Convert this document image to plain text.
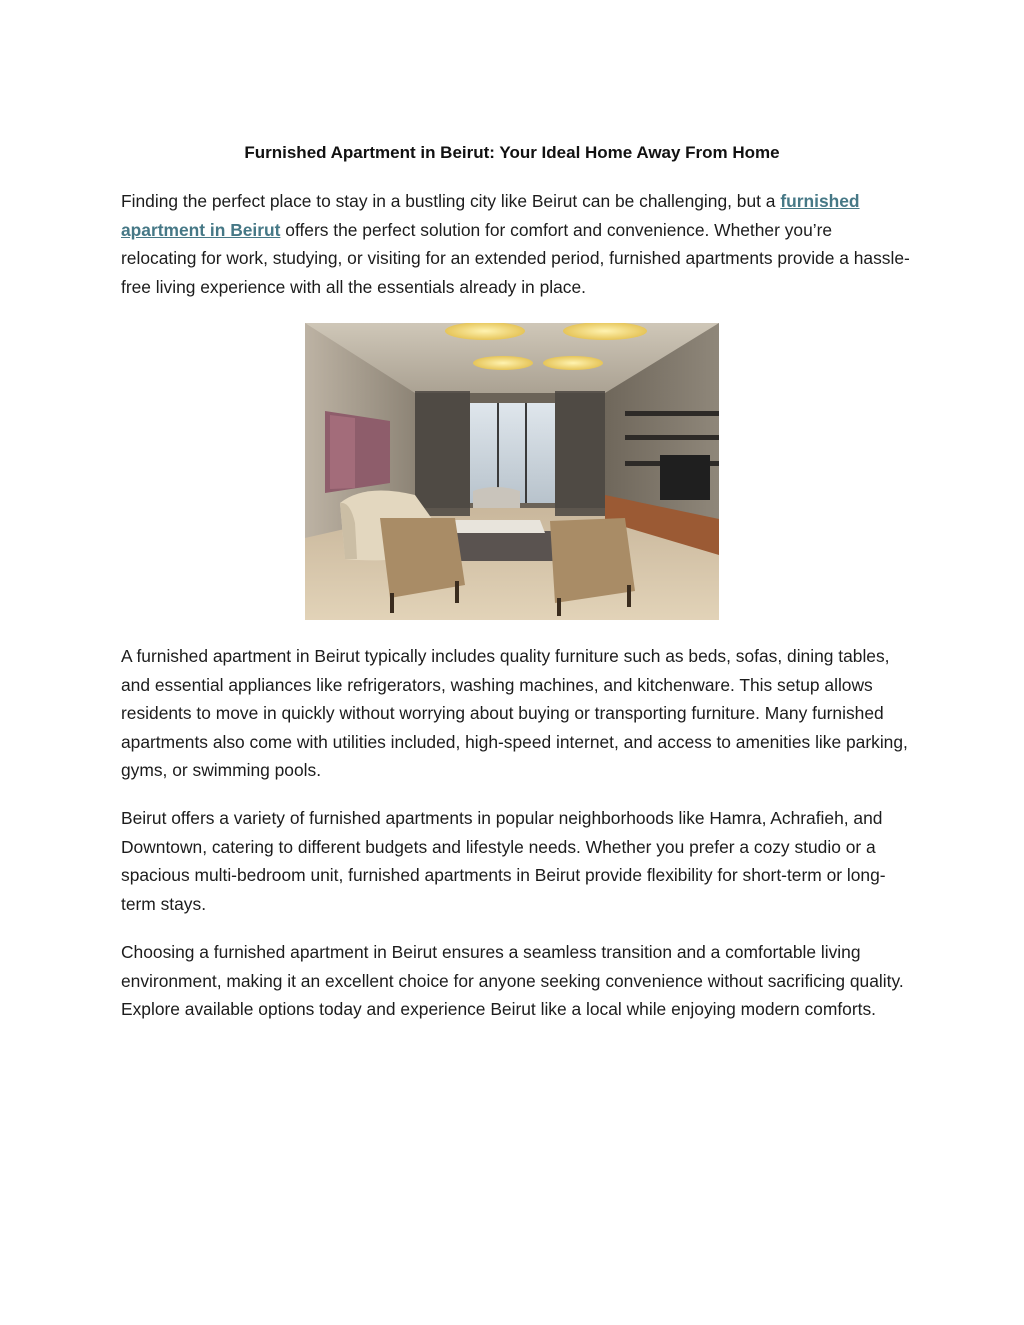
Furnished Apartment in Beirut: Your Ideal Home Away From Home

Finding the perfect place to stay in a bustling city like Beirut can be challenging, but a furnished apartment in Beirut offers the perfect solution for comfort and convenience. Whether you’re relocating for work, studying, or visiting for an extended period, furnished apartments provide a hassle-free living experience with all the essentials already in place.

A furnished apartment in Beirut typically includes quality furniture such as beds, sofas, dining tables, and essential appliances like refrigerators, washing machines, and kitchenware. This setup allows residents to move in quickly without worrying about buying or transporting furniture. Many furnished apartments also come with utilities included, high-speed internet, and access to amenities like parking, gyms, or swimming pools.

Beirut offers a variety of furnished apartments in popular neighborhoods like Hamra, Achrafieh, and Downtown, catering to different budgets and lifestyle needs. Whether you prefer a cozy studio or a spacious multi-bedroom unit, furnished apartments in Beirut provide flexibility for short-term or long-term stays.

Choosing a furnished apartment in Beirut ensures a seamless transition and a comfortable living environment, making it an excellent choice for anyone seeking convenience without sacrificing quality. Explore available options today and experience Beirut like a local while enjoying modern comforts.
